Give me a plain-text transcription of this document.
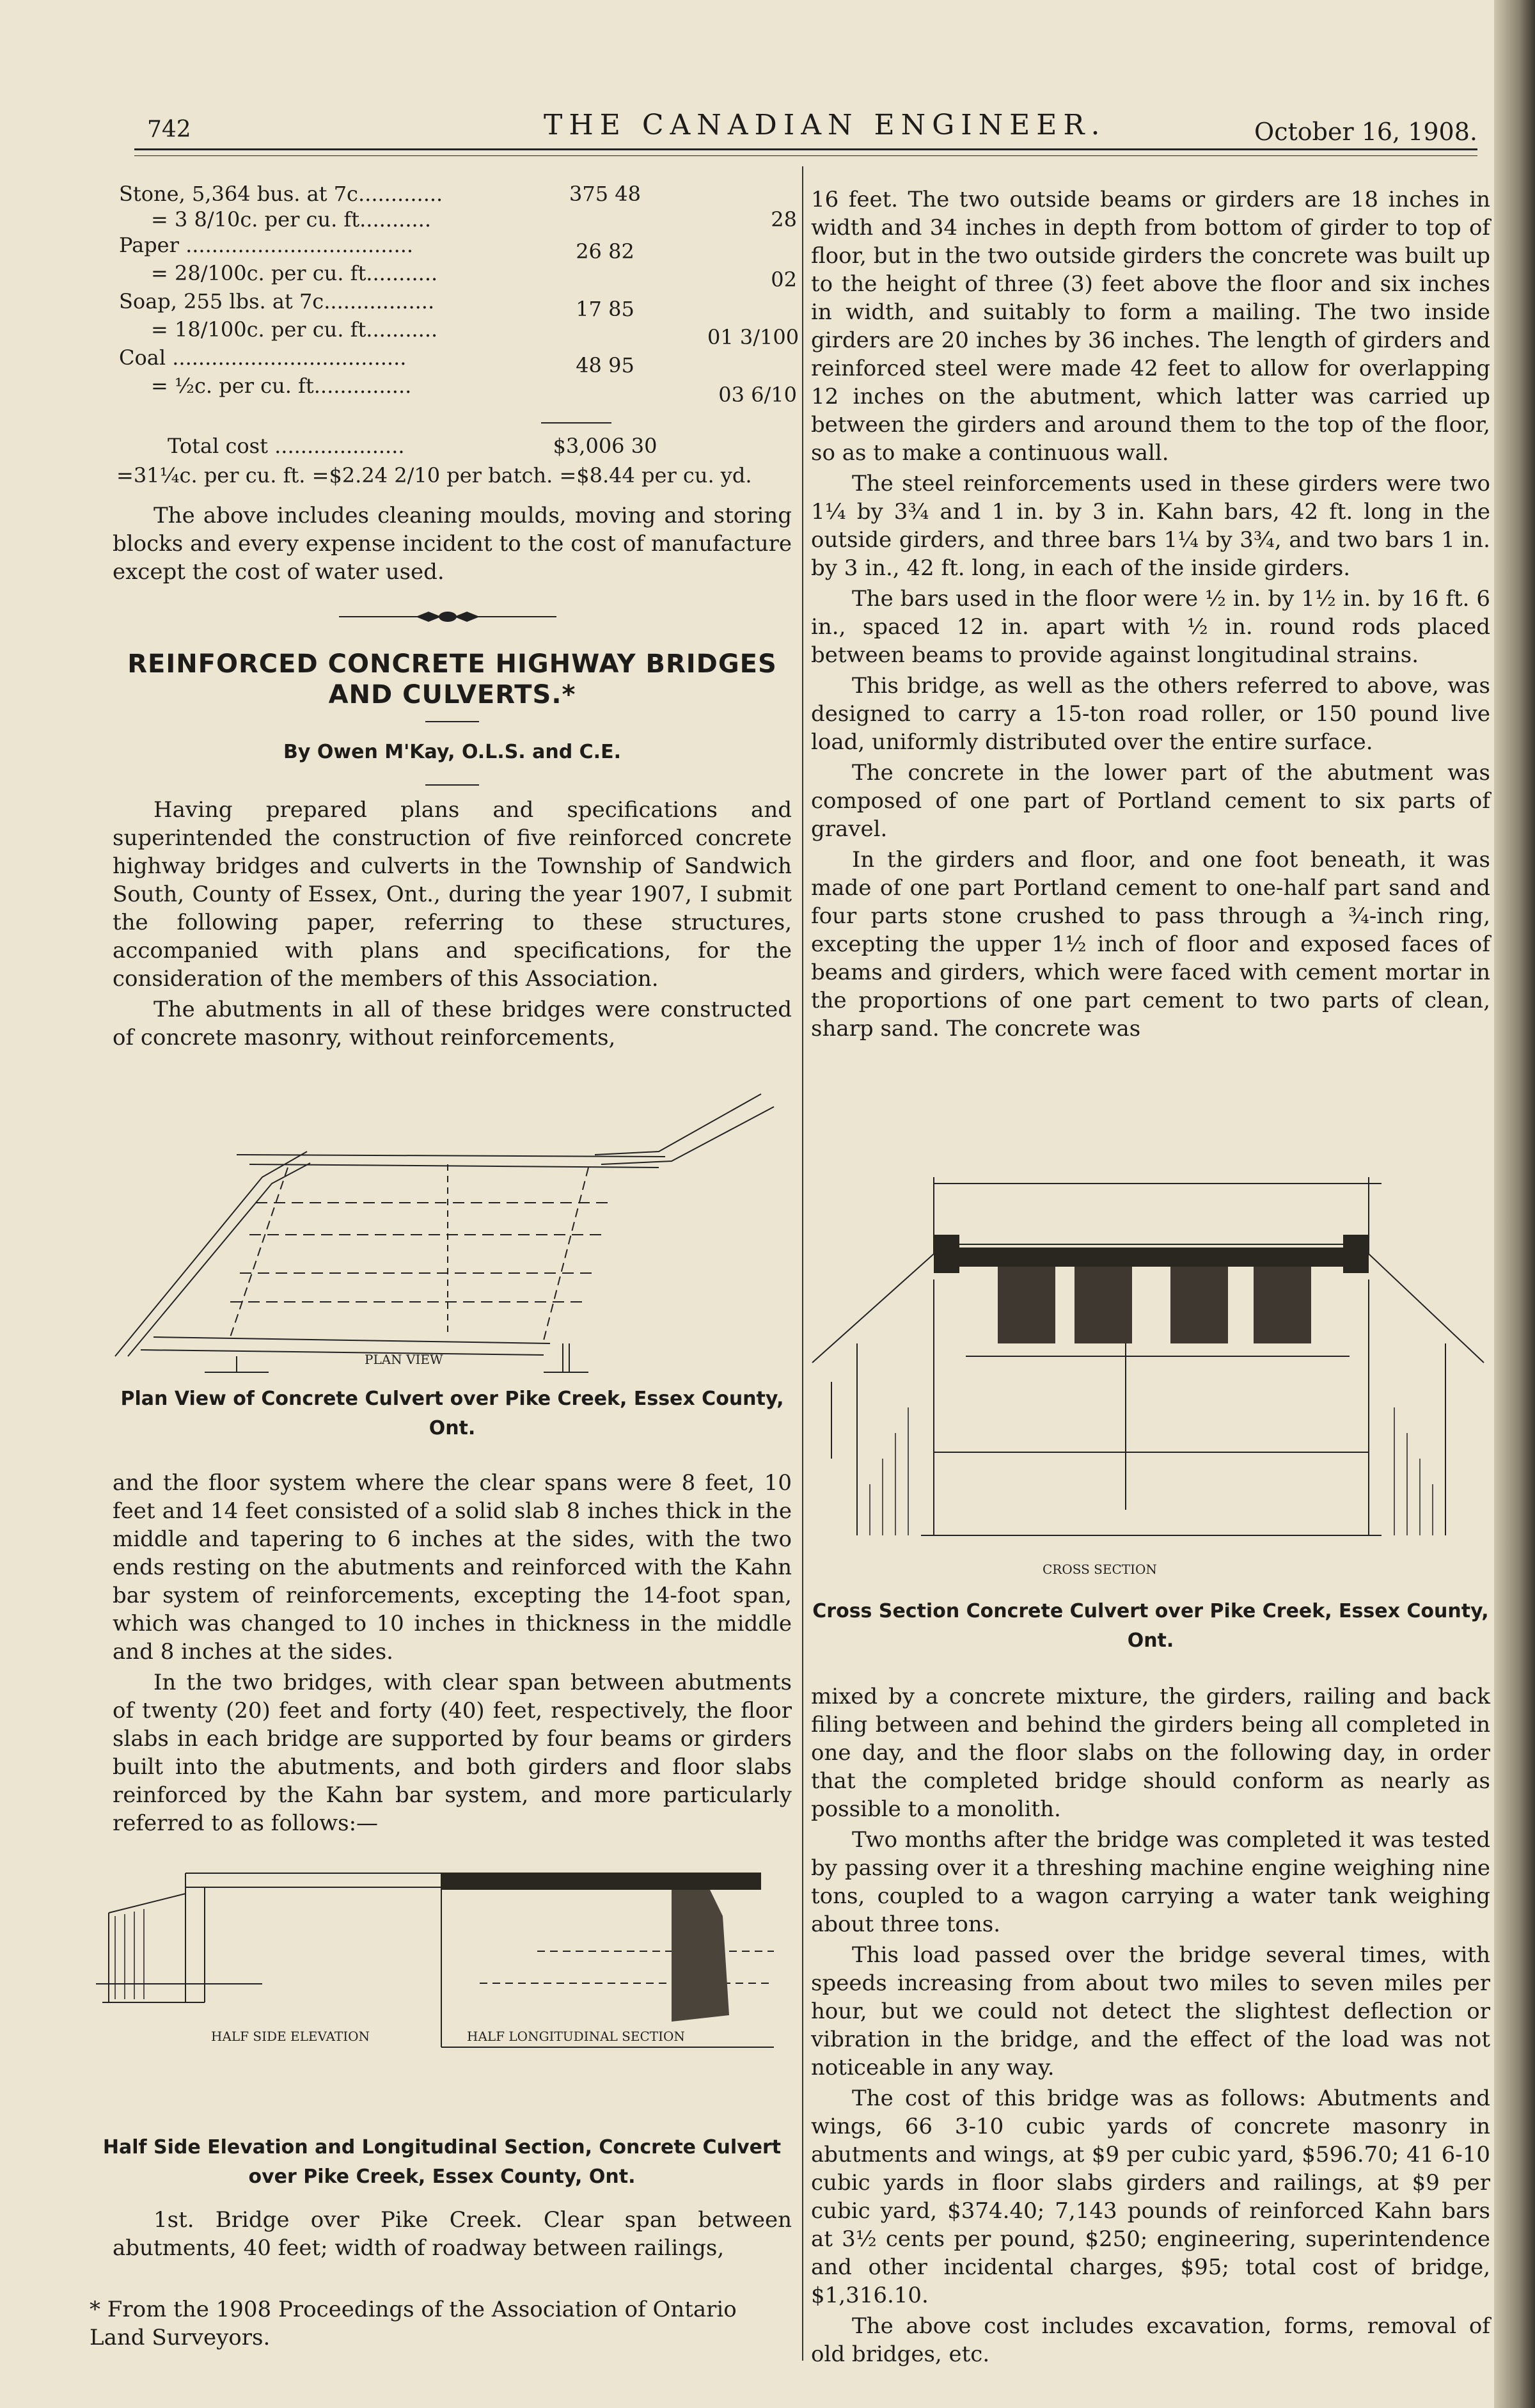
742	THE CANADIAN ENGINEER.	October 16, 1908.
Stone, 5,364 bus. at 7c.............	375 48
= 3 8/10c. per cu. ft...........	28
Paper ...................................	26 82
= 28/100c. per cu. ft...........	02
Soap, 255 lbs. at 7c.................	17 85
= 18/100c. per cu. ft...........	01 3/100
Coal ....................................	48 95
= ½c. per cu. ft...............	03 6/10
Total cost ....................	$3,006 30
=31¼c. per cu. ft. =$2.24 2/10 per batch. =$8.44 per cu. yd.

The above includes cleaning moulds, moving and storing blocks and every expense incident to the cost of manufacture except the cost of water used.

REINFORCED CONCRETE HIGHWAY BRIDGES
AND CULVERTS.*
By Owen M'Kay, O.L.S. and C.E.

Having prepared plans and specifications and superintended the construction of five reinforced concrete highway bridges and culverts in the Township of Sandwich South, County of Essex, Ont., during the year 1907, I submit the following paper, referring to these structures, accompanied with plans and specifications, for the consideration of the members of this Association.

The abutments in all of these bridges were constructed of concrete masonry, without reinforcements,

PLAN VIEW
Plan View of Concrete Culvert over Pike Creek, Essex County, Ont.

and the floor system where the clear spans were 8 feet, 10 feet and 14 feet consisted of a solid slab 8 inches thick in the middle and tapering to 6 inches at the sides, with the two ends resting on the abutments and reinforced with the Kahn bar system of reinforcements, excepting the 14-foot span, which was changed to 10 inches in thickness in the middle and 8 inches at the sides.

In the two bridges, with clear span between abutments of twenty (20) feet and forty (40) feet, respectively, the floor slabs in each bridge are supported by four beams or girders built into the abutments, and both girders and floor slabs reinforced by the Kahn bar system, and more particularly referred to as follows:—

HALF SIDE ELEVATION	HALF LONGITUDINAL SECTION
Half Side Elevation and Longitudinal Section, Concrete Culvert over Pike Creek, Essex County, Ont.

1st. Bridge over Pike Creek. Clear span between abutments, 40 feet; width of roadway between railings,

* From the 1908 Proceedings of the Association of Ontario Land Surveyors.

16 feet. The two outside beams or girders are 18 inches in width and 34 inches in depth from bottom of girder to top of floor, but in the two outside girders the concrete was built up to the height of three (3) feet above the floor and six inches in width, and suitably to form a mailing. The two inside girders are 20 inches by 36 inches. The length of girders and reinforced steel were made 42 feet to allow for overlapping 12 inches on the abutment, which latter was carried up between the girders and around them to the top of the floor, so as to make a continuous wall.

The steel reinforcements used in these girders were two 1¼ by 3¾ and 1 in. by 3 in. Kahn bars, 42 ft. long in the outside girders, and three bars 1¼ by 3¾, and two bars 1 in. by 3 in., 42 ft. long, in each of the inside girders.

The bars used in the floor were ½ in. by 1½ in. by 16 ft. 6 in., spaced 12 in. apart with ½ in. round rods placed between beams to provide against longitudinal strains.

This bridge, as well as the others referred to above, was designed to carry a 15-ton road roller, or 150 pound live load, uniformly distributed over the entire surface.

The concrete in the lower part of the abutment was composed of one part of Portland cement to six parts of gravel.

In the girders and floor, and one foot beneath, it was made of one part Portland cement to one-half part sand and four parts stone crushed to pass through a ¾-inch ring, excepting the upper 1½ inch of floor and exposed faces of beams and girders, which were faced with cement mortar in the proportions of one part cement to two parts of clean, sharp sand. The concrete was

CROSS SECTION
Cross Section Concrete Culvert over Pike Creek, Essex County, Ont.

mixed by a concrete mixture, the girders, railing and back filing between and behind the girders being all completed in one day, and the floor slabs on the following day, in order that the completed bridge should conform as nearly as possible to a monolith.

Two months after the bridge was completed it was tested by passing over it a threshing machine engine weighing nine tons, coupled to a wagon carrying a water tank weighing about three tons.

This load passed over the bridge several times, with speeds increasing from about two miles to seven miles per hour, but we could not detect the slightest deflection or vibration in the bridge, and the effect of the load was not noticeable in any way.

The cost of this bridge was as follows: Abutments and wings, 66 3-10 cubic yards of concrete masonry in abutments and wings, at $9 per cubic yard, $596.70; 41 6-10 cubic yards in floor slabs girders and railings, at $9 per cubic yard, $374.40; 7,143 pounds of reinforced Kahn bars at 3½ cents per pound, $250; engineering, superintendence and other incidental charges, $95; total cost of bridge, $1,316.10.

The above cost includes excavation, forms, removal of old bridges, etc.
